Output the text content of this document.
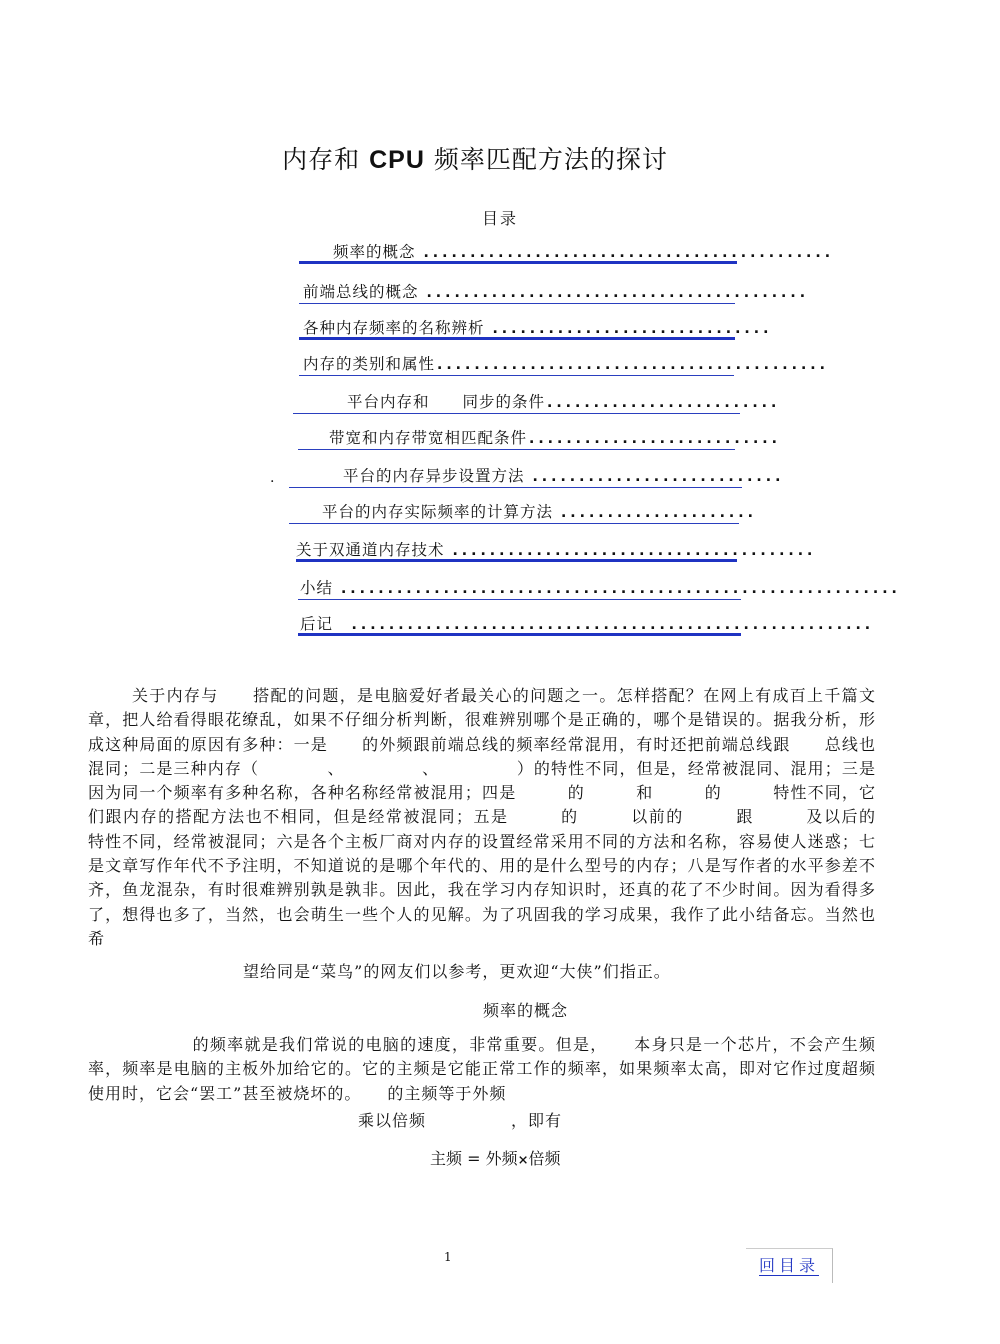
内存和 CPU 频率匹配方法的探讨
目录
频率的概念 ............................................
前端总线的概念 .........................................
各种内存频率的名称辨析 ..............................
内存的类别和属性..........................................
平台内存和　　同步的条件.........................
带宽和内存带宽相匹配条件...........................
.	平台的内存异步设置方法 ...........................
平台的内存实际频率的计算方法 .....................
关于双通道内存技术 .......................................
小结 ............................................................
后记　 ........................................................

关于内存与　　搭配的问题，是电脑爱好者最关心的问题之一。怎样搭配？在网上有成百上千篇文章，把人给看得眼花缭乱，如果不仔细分析判断，很难辨别哪个是正确的，哪个是错误的。据我分析，形成这种局面的原因有多种：一是　　的外频跟前端总线的频率经常混用，有时还把前端总线跟　　总线也混同；二是三种内存（　　　　、　　　　　、　　　　　）的特性不同，但是，经常被混同、混用；三是因为同一个频率有多种名称，各种名称经常被混用；四是　　　的　　　和　　　的　　　特性不同，它们跟内存的搭配方法也不相同，但是经常被混同；五是　　　的　　　以前的　　　跟　　　及以后的　　　特性不同，经常被混同；六是各个主板厂商对内存的设置经常采用不同的方法和名称，容易使人迷惑；七是文章写作年代不予注明，不知道说的是哪个年代的、用的是什么型号的内存；八是写作者的水平参差不齐，鱼龙混杂，有时很难辨别孰是孰非。因此，我在学习内存知识时，还真的花了不少时间。因为看得多了，想得也多了，当然，也会萌生一些个人的见解。为了巩固我的学习成果，我作了此小结备忘。当然也希

望给同是“菜鸟”的网友们以参考，更欢迎“大侠”们指正。
频率的概念

　　的频率就是我们常说的电脑的速度，非常重要。但是，　　本身只是一个芯片，不会产生频率，频率是电脑的主板外加给它的。它的主频是它能正常工作的频率，如果频率太高，即对它作过度超频使用时，它会“罢工”甚至被烧坏的。　　的主频等于外频

乘以倍频　　　　　，即有
主频 = 外频×倍频
1	回目录
